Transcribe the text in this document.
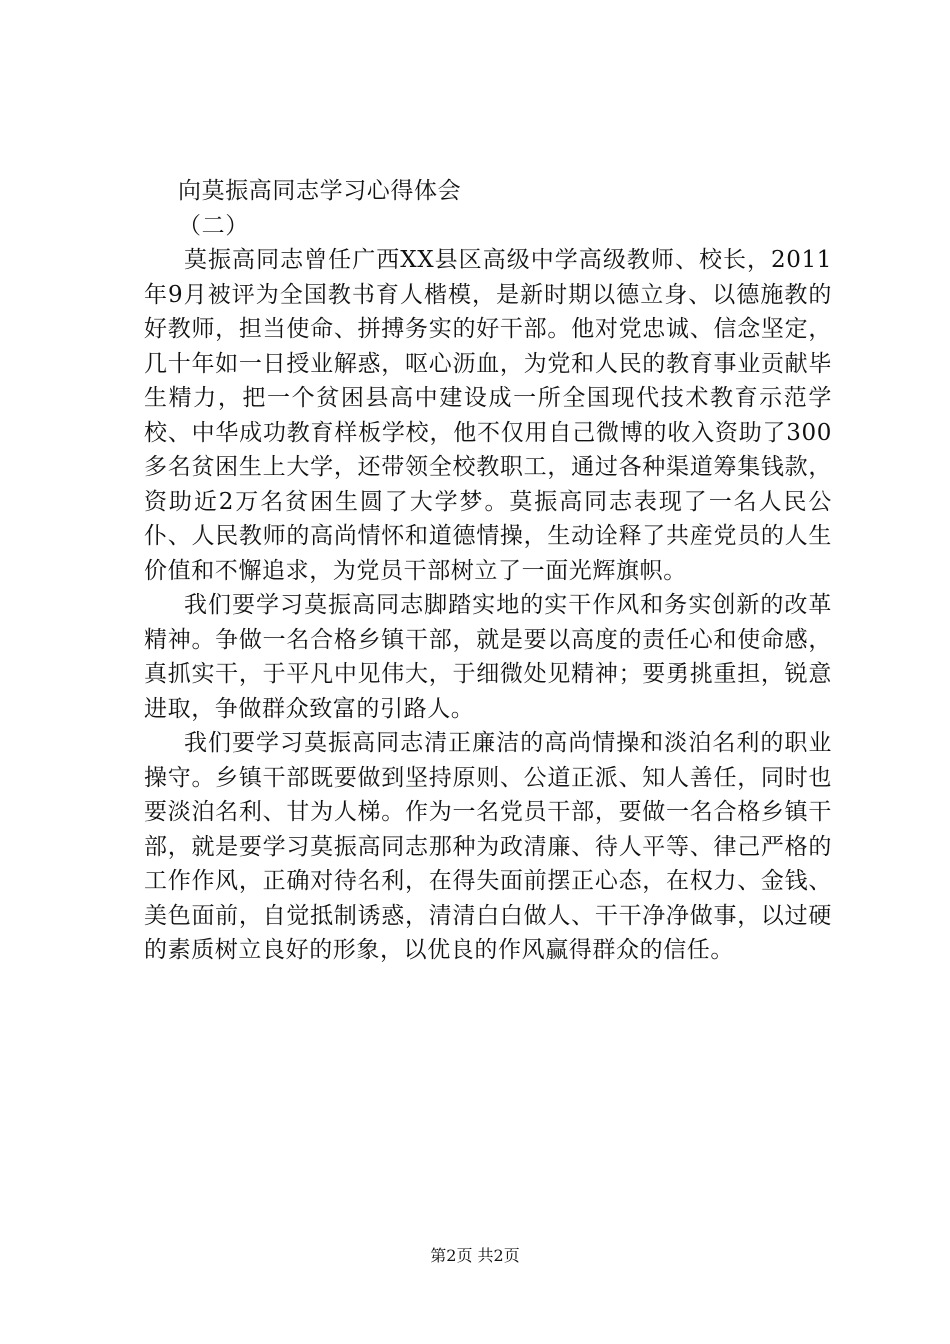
向莫振高同志学习心得体会

（二）

莫振高同志曾任广西XX县区高级中学高级教师、校长，2011年9月被评为全国教书育人楷模，是新时期以德立身、以德施教的好教师，担当使命、拼搏务实的好干部。他对党忠诚、信念坚定，几十年如一日授业解惑，呕心沥血，为党和人民的教育事业贡献毕生精力，把一个贫困县高中建设成一所全国现代技术教育示范学校、中华成功教育样板学校，他不仅用自己微博的收入资助了300多名贫困生上大学，还带领全校教职工，通过各种渠道筹集钱款，资助近2万名贫困生圆了大学梦。莫振高同志表现了一名人民公仆、人民教师的高尚情怀和道德情操，生动诠释了共産党员的人生价值和不懈追求，为党员干部树立了一面光辉旗帜。

我们要学习莫振高同志脚踏实地的实干作风和务实创新的改革精神。争做一名合格乡镇干部，就是要以高度的责任心和使命感，真抓实干，于平凡中见伟大，于细微处见精神；要勇挑重担，锐意进取，争做群众致富的引路人。

我们要学习莫振高同志清正廉洁的高尚情操和淡泊名利的职业操守。乡镇干部既要做到坚持原则、公道正派、知人善任，同时也要淡泊名利、甘为人梯。作为一名党员干部，要做一名合格乡镇干部，就是要学习莫振高同志那种为政清廉、待人平等、律己严格的工作作风，正确对待名利，在得失面前摆正心态，在权力、金钱、美色面前，自觉抵制诱惑，清清白白做人、干干净净做事，以过硬的素质树立良好的形象，以优良的作风赢得群众的信任。

第2页 共2页
